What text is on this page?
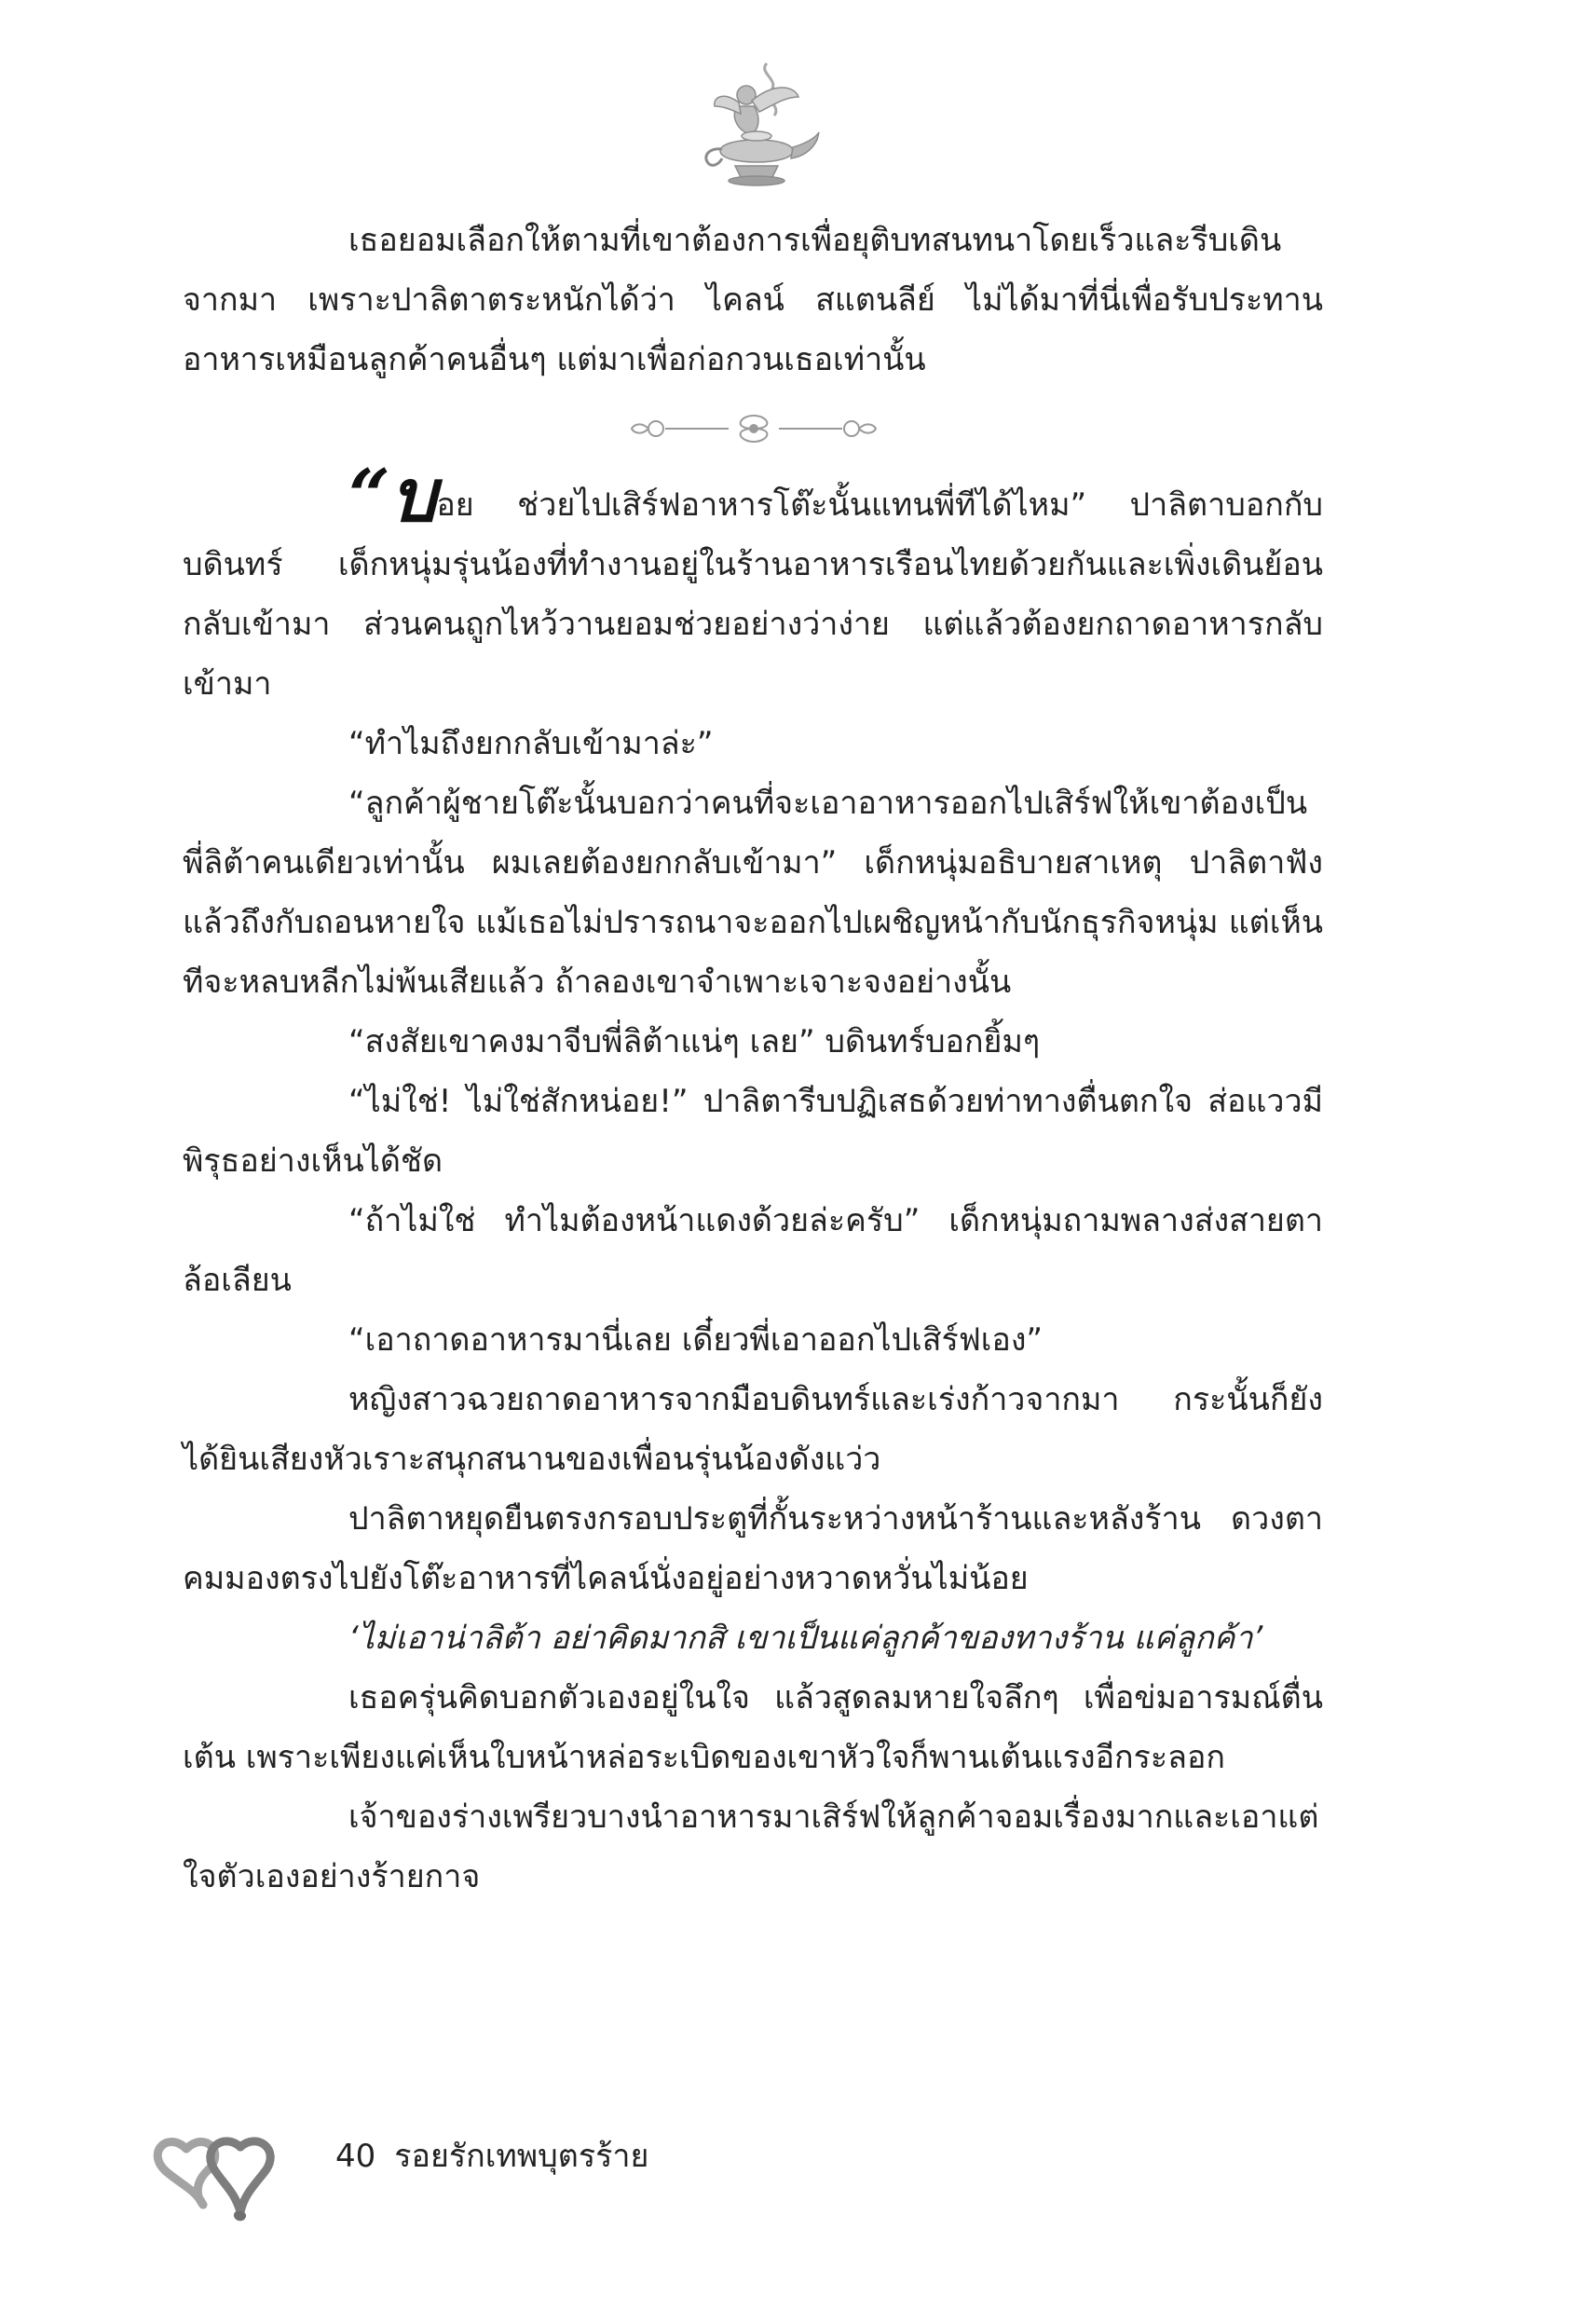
เธอยอมเลือกให้ตามที่เขาต้องการเพื่อยุติบทสนทนาโดยเร็วและรีบเดินจากมา เพราะปาลิตาตระหนักได้ว่า ไคลน์ สแตนลีย์ ไม่ได้มาที่นี่เพื่อรับประทานอาหารเหมือนลูกค้าคนอื่นๆ แต่มาเพื่อก่อกวนเธอเท่านั้น

“บอย ช่วยไปเสิร์ฟอาหารโต๊ะนั้นแทนพี่ทีได้ไหม” ปาลิตาบอกกับบดินทร์ เด็กหนุ่มรุ่นน้องที่ทำงานอยู่ในร้านอาหารเรือนไทยด้วยกันและเพิ่งเดินย้อนกลับเข้ามา ส่วนคนถูกไหว้วานยอมช่วยอย่างว่าง่าย แต่แล้วต้องยกถาดอาหารกลับเข้ามา

“ทำไมถึงยกกลับเข้ามาล่ะ”

“ลูกค้าผู้ชายโต๊ะนั้นบอกว่าคนที่จะเอาอาหารออกไปเสิร์ฟให้เขาต้องเป็นพี่ลิต้าคนเดียวเท่านั้น ผมเลยต้องยกกลับเข้ามา” เด็กหนุ่มอธิบายสาเหตุ ปาลิตาฟังแล้วถึงกับถอนหายใจ แม้เธอไม่ปรารถนาจะออกไปเผชิญหน้ากับนักธุรกิจหนุ่ม แต่เห็นทีจะหลบหลีกไม่พ้นเสียแล้ว ถ้าลองเขาจำเพาะเจาะจงอย่างนั้น

“สงสัยเขาคงมาจีบพี่ลิต้าแน่ๆ เลย” บดินทร์บอกยิ้มๆ

“ไม่ใช่! ไม่ใช่สักหน่อย!” ปาลิตารีบปฏิเสธด้วยท่าทางตื่นตกใจ ส่อแววมีพิรุธอย่างเห็นได้ชัด

“ถ้าไม่ใช่ ทำไมต้องหน้าแดงด้วยล่ะครับ” เด็กหนุ่มถามพลางส่งสายตาล้อเลียน

“เอาถาดอาหารมานี่เลย เดี๋ยวพี่เอาออกไปเสิร์ฟเอง”

หญิงสาวฉวยถาดอาหารจากมือบดินทร์และเร่งก้าวจากมา กระนั้นก็ยังได้ยินเสียงหัวเราะสนุกสนานของเพื่อนรุ่นน้องดังแว่ว

ปาลิตาหยุดยืนตรงกรอบประตูที่กั้นระหว่างหน้าร้านและหลังร้าน ดวงตาคมมองตรงไปยังโต๊ะอาหารที่ไคลน์นั่งอยู่อย่างหวาดหวั่นไม่น้อย

‘ไม่เอาน่าลิต้า อย่าคิดมากสิ เขาเป็นแค่ลูกค้าของทางร้าน แค่ลูกค้า’

เธอครุ่นคิดบอกตัวเองอยู่ในใจ แล้วสูดลมหายใจลึกๆ เพื่อข่มอารมณ์ตื่นเต้น เพราะเพียงแค่เห็นใบหน้าหล่อระเบิดของเขาหัวใจก็พานเต้นแรงอีกระลอก

เจ้าของร่างเพรียวบางนำอาหารมาเสิร์ฟให้ลูกค้าจอมเรื่องมากและเอาแต่ใจตัวเองอย่างร้ายกาจ

40 รอยรักเทพบุตรร้าย
